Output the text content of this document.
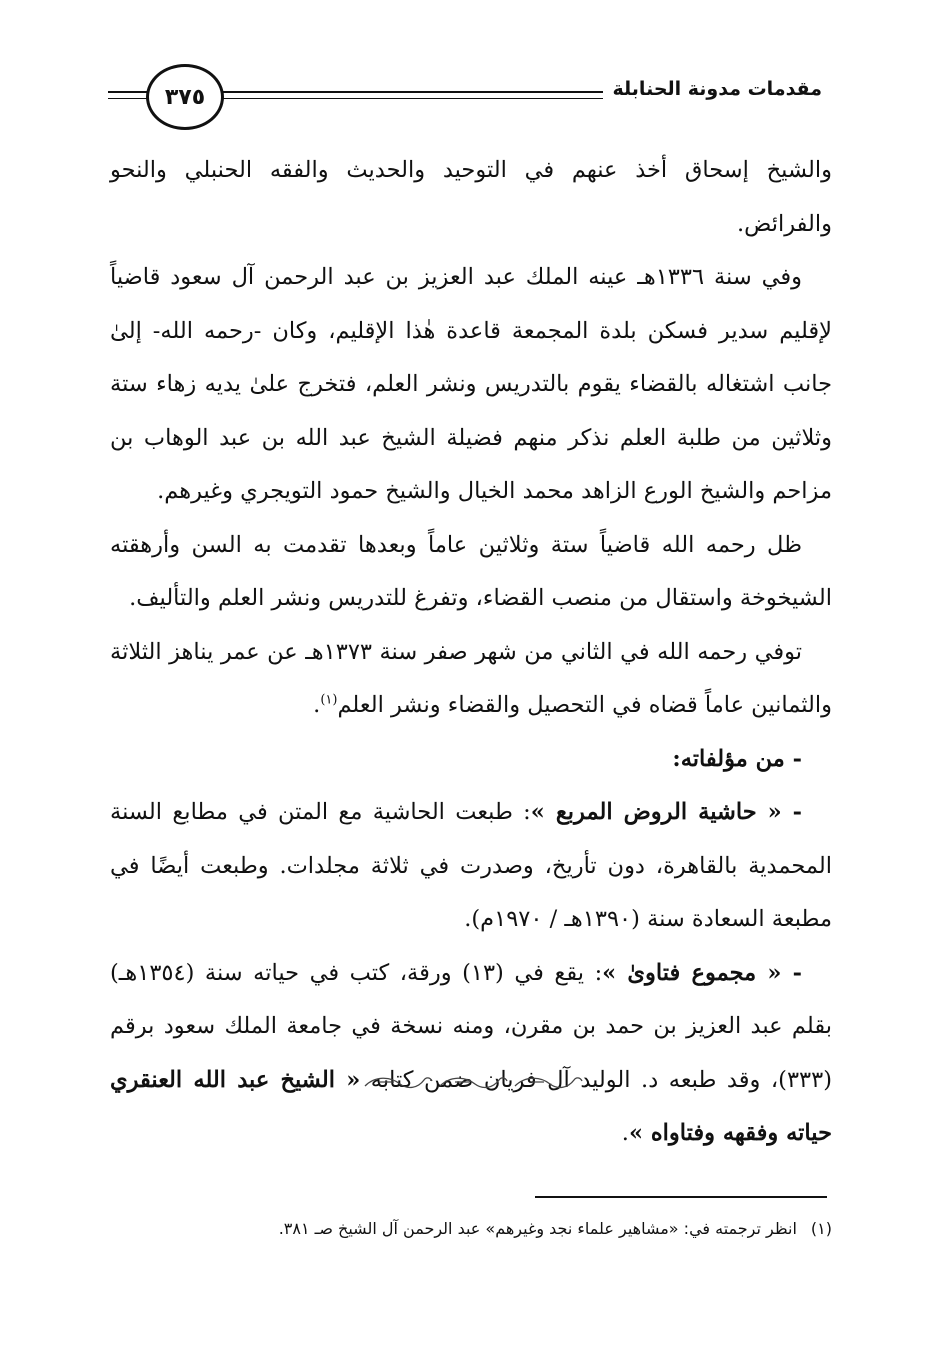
مقدمات مدونة الحنابلة
٣٧٥

والشيخ إسحاق أخذ عنهم في التوحيد والحديث والفقه الحنبلي والنحو والفرائض.

وفي سنة ١٣٣٦هـ عينه الملك عبد العزيز بن عبد الرحمن آل سعود قاضياً لإقليم سدير فسكن بلدة المجمعة قاعدة هٰذا الإقليم، وكان -رحمه الله- إلىٰ جانب اشتغاله بالقضاء يقوم بالتدريس ونشر العلم، فتخرج علىٰ يديه زهاء ستة وثلاثين من طلبة العلم نذكر منهم فضيلة الشيخ عبد الله بن عبد الوهاب بن مزاحم والشيخ الورع الزاهد محمد الخيال والشيخ حمود التويجري وغيرهم.

ظل رحمه الله قاضياً ستة وثلاثين عاماً وبعدها تقدمت به السن وأرهقته الشيخوخة واستقال من منصب القضاء، وتفرغ للتدريس ونشر العلم والتأليف.

توفي رحمه الله في الثاني من شهر صفر سنة ١٣٧٣هـ عن عمر يناهز الثلاثة والثمانين عاماً قضاه في التحصيل والقضاء ونشر العلم$^{(١)}$.

- من مؤلفاته:

- « حاشية الروض المربع »: طبعت الحاشية مع المتن في مطابع السنة المحمدية بالقاهرة، دون تأريخ، وصدرت في ثلاثة مجلدات. وطبعت أيضًا في مطبعة السعادة سنة (١٣٩٠هـ / ١٩٧٠م).

- « مجموع فتاوىٰ »: يقع في (١٣) ورقة، كتب في حياته سنة (١٣٥٤هـ) بقلم عبد العزيز بن حمد بن مقرن، ومنه نسخة في جامعة الملك سعود برقم (٣٣٣)، وقد طبعه د. الوليد آل فريان ضمن كتابه « الشيخ عبد الله العنقري حياته وفقهه وفتاواه ».

(١)انظر ترجمته في: «مشاهير علماء نجد وغيرهم» عبد الرحمن آل الشيخ صـ ٣٨١.
